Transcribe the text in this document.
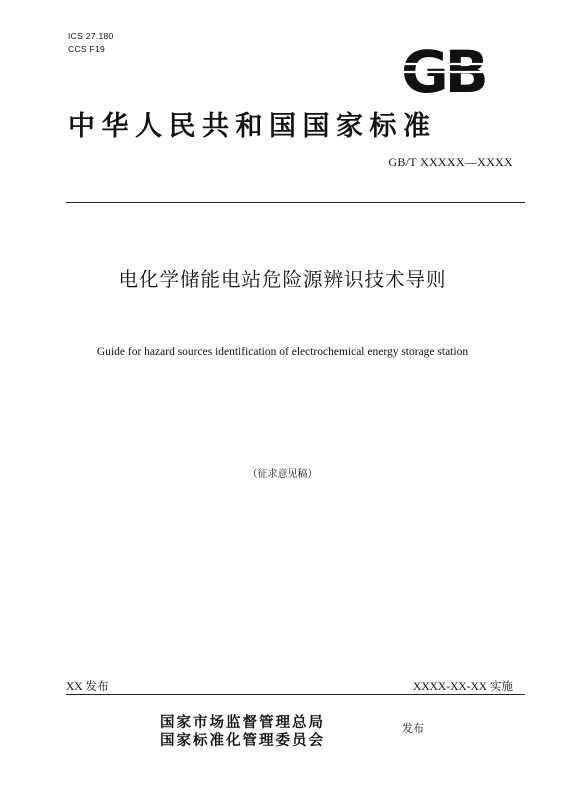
ICS 27.180
CCS F19	GB
中华人民共和国国家标准
GB/T XXXXX—XXXX
电化学储能电站危险源辨识技术导则
Guide for hazard sources identification of electrochemical energy storage station
（征求意见稿）
XX 发布	XXXX-XX-XX 实施
国家市场监督管理总局
国家标准化管理委员会
发布
